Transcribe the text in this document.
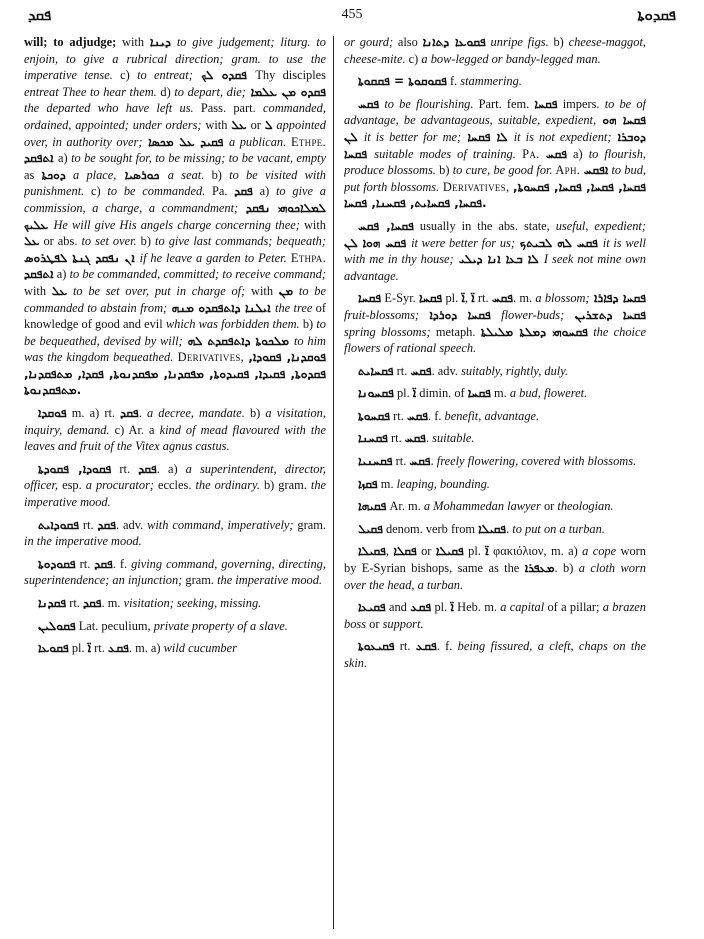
ܦܩܕ	455	ܦܩܕܘܬܐ

will; to adjudge; with ܕܝܢܐ to give judgement; liturg. to enjoin, to give a rubrical direction; gram. to use the imperative tense. c) to entreat; ܦܩܕܘ ܠܟ Thy disciples entreat Thee to hear them. d) to depart, die; ܦܩܕܘ ܡܢ ܥܠܡܐ the departed who have left us. Pass. part. commanded, ordained, appointed; under orders; with ܥܠ or ܠ appointed over, in authority over; ܦܩܝܕ ܥܠ ܡܟܣܐ a publican. Ethpe. ܐܬܦܩܕ a) to be sought for, to be missing; to be vacant, empty as ܕܘܟܬܐ a place, ܟܘܪܣܝܐ a seat. b) to be visited with punishment. c) to be commanded. Pa. ܦܩܕ a) to give a commission, a charge, a commandment; ܠܡܠܐܟܘܗܝ ܢܦܩܕ ܥܠܝܟ He will give His angels charge concerning thee; with ܥܠ or abs. to set over. b) to give last commands; bequeath; ܐܢ ܢܦܩܕ ܓܢܬܐ ܠܦܛܪܘܣ if he leave a garden to Peter. Ethpa. ܐܬܦܩܕ a) to be commanded, committed; to receive command; with ܥܠ to be set over, put in charge of; with ܡܢ to be commanded to abstain from; ܐܝܠܢܐ ܕܐܬܦܩܕܘ ܡܢܗ the tree of knowledge of good and evil which was forbidden them. b) to be bequeathed, devised by will; ܡܠܟܘܬܐ ܕܐܬܦܩܕܬ ܠܗ to him was the kingdom bequeathed. Derivatives, ܦܘܩܕܢܐ, ܦܩܘܕܐ, ܦܩܕܘܬܐ, ܦܩܝܕܐ, ܦܩܝܕܘܬܐ, ܡܦܩܕܢܐ, ܡܦܩܕܢܘܬܐ, ܦܩܕܐ, ܡܬܦܩܕܢܐ, ܡܬܦܩܕܢܘܬܐ.

ܦܘܩܕܐ m. a) rt. ܦܩܕ. a decree, mandate. b) a visitation, inquiry, demand. c) Ar. a kind of mead flavoured with the leaves and fruit of the Vitex agnus castus.

ܦܩܘܕܐ, ܦܩܘܕܬܐ rt. ܦܩܕ. a) a superintendent, director, officer, esp. a procurator; eccles. the ordinary. b) gram. the imperative mood.

ܦܩܘܕܐܝܬ rt. ܦܩܕ. adv. with command, imperatively; gram. in the imperative mood.

ܦܩܘܕܘܬܐ rt. ܦܩܕ. f. giving command, governing, directing, superintendence; an injunction; gram. the imperative mood.

ܦܩܕܢܐ rt. ܦܩܕ. m. visitation; seeking, missing.

ܦܩܘܠܝܢ Lat. peculium, private property of a slave.

ܦܩܘܥܐ pl. ܐ̈ rt. ܦܩܥ. m. a) wild cucumber

or gourd; also ܦܩܘܥܐ ܕܬܐܢܐ unripe figs. b) cheese-maggot, cheese-mite. c) a bow-legged or bandy-legged man.

ܦܩܘܩܘܬܐ = ܦܩܩܘܬܐ f. stammering.

ܦܩܚ to be flourishing. Part. fem. ܦܩܚܐ impers. to be of advantage, be advantageous, suitable, expedient, ܦܩܚܐ ܗܘ ܠܢ it is better for me; ܠܐ ܦܩܚܐ it is not expedient; ܕܘܒܪܐ ܦܩܚܐ suitable modes of training. Pa. ܦܩܚ a) to flourish, produce blossoms. b) to cure, be good for. Aph. ܐܦܩܚ to bud, put forth blossoms. Derivatives, ܦܩܚܐ, ܦܩܚܐ, ܦܩܚܐ, ܦܩܚܘܬܐ, ܦܩܚܐ, ܦܩܚܐܝܬ, ܦܩܚܢܐ, ܦܩܚܐ.

ܦܩܚܐ, ܦܩܚ usually in the abs. state, useful, expedient; ܦܩܚ ܗܘܐ ܠܢ it were better for us; ܦܩܚ ܠܗ ܠܒܝܬܟ it is well with me in thy house; ܠܐ ܒܥܐ ܐܢܐ ܕܝܠܝ I seek not mine own advantage.

ܦܩܚܐ E-Syr. ܦܩܚܐ pl. ܐ̈, ܐ̈ rt. ܦܩܚ. m. a blossom; ܦܩܚܐ ܕܦܐܪܐ fruit-blossoms; ܦܩܚܐ ܕܘܪܕܐ flower-buds; ܦܩܚܐ ܕܬܫܪܝܢ spring blossoms; metaph. ܦܩܚܘܗܝ ܕܡܠܬܐ ܡܠܝܠܬܐ the choice flowers of rational speech.

ܦܩܚܐܝܬ rt. ܦܩܚ. adv. suitably, rightly, duly.

ܦܩܚܘܢܐ pl. ܐ̈ dimin. of ܦܩܚܐ m. a bud, floweret.

ܦܩܚܘܬܐ rt. ܦܩܚ. f. benefit, advantage.

ܦܩܚܢܐ rt. ܦܩܚ. suitable.

ܦܩܚܢܝܐ rt. ܦܩܚ. freely flowering, covered with blossoms.

ܦܩܙܐ m. leaping, bounding.

ܦܩܝܗܐ Ar. m. a Mohammedan lawyer or theologian.

ܦܩܝܠ denom. verb from ܦܩܝܠܐ. to put on a turban.

ܦܩܝܠܐ, ܦܩܠܐ or ܦܩܝܠܐ pl. ܐ̈ φακιόλιον, m. a) a cope worn by E-Syrian bishops, same as the ܡܥܦܪܐ. b) a cloth worn over the head, a turban.

ܦܩܝܥܐ and ܦܩܥ pl. ܐ̈ Heb. m. a capital of a pillar; a brazen boss or support.

ܦܩܝܥܘܬܐ rt. ܦܩܥ. f. being fissured, a cleft, chaps on the skin.
